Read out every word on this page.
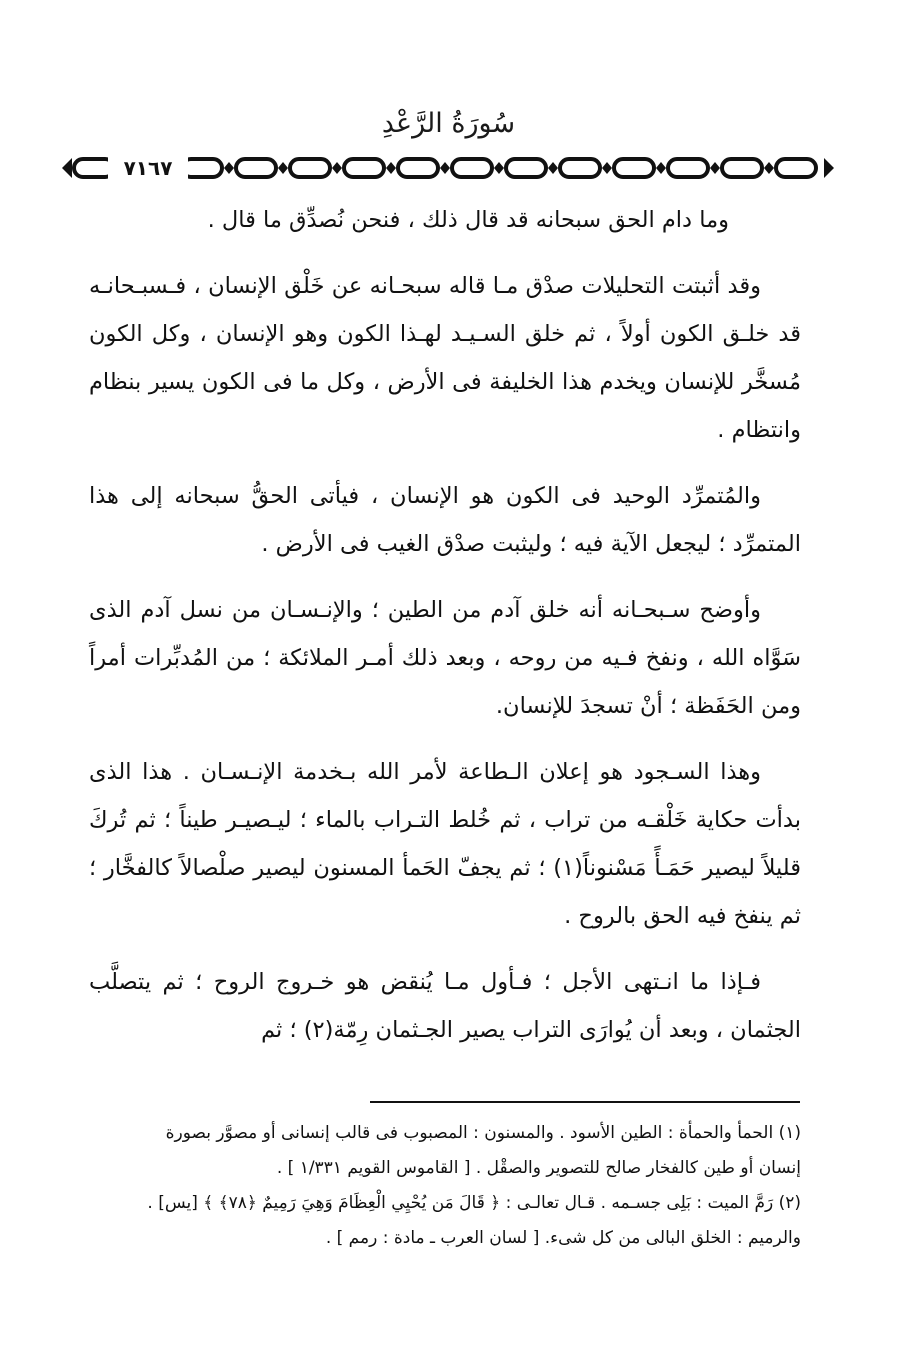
سُورَةُ الرَّعْدِ
٧١٦٧

وما دام الحق سبحانه قد قال ذلك ، فنحن نُصدِّق ما قال .

وقد أثبتت التحليلات صدْق مـا قاله سبحـانه عن خَلْق الإنسان ، فـسبـحانـه قد خلـق الكون أولاً ، ثم خلق السـيـد لهـذا الكون وهو الإنسان ، وكل الكون مُسخَّر للإنسان ويخدم هذا الخليفة فى الأرض ، وكل ما فى الكون يسير بنظام وانتظام .

والمُتمرِّد الوحيد فى الكون هو الإنسان ، فيأتى الحقُّ سبحانه إلى هذا المتمرِّد ؛ ليجعل الآية فيه ؛ وليثبت صدْق الغيب فى الأرض .

وأوضح سـبحـانه أنه خلق آدم من الطين ؛ والإنـسـان من نسل آدم الذى سَوَّاه الله ، ونفخ فـيه من روحه ، وبعد ذلك أمـر الملائكة ؛ من المُدبِّرات أمراً ومن الحَفَظة ؛ أنْ تسجدَ للإنسان.

وهذا السـجود هو إعلان الـطاعة لأمر الله بـخدمة الإنـسـان . هذا الذى بدأت حكاية خَلْقـه من تراب ، ثم خُلط التـراب بالماء ؛ ليـصيـر طيناً ؛ ثم تُركَ قليلاً ليصير حَمَـأً مَسْنوناً(١) ؛ ثم يجفّ الحَمأ المسنون ليصير صلْصالاً كالفخَّار ؛ ثم ينفخ فيه الحق بالروح .

فـإذا ما انـتهى الأجل ؛ فـأول مـا يُنقض هو خـروج الروح ؛ ثم يتصلَّب الجثمان ، وبعد أن يُوارَى التراب يصير الجـثمان رِمّة(٢) ؛ ثم

(١) الحمأ والحمأة : الطين الأسود . والمسنون : المصبوب فى قالب إنسانى أو مصوَّر بصورة

إنسان أو طين كالفخار صالح للتصوير والصقْل . [ القاموس القويم ١/٣٣١ ] .

(٢) رَمَّ الميت : بَلِى جسـمه . قـال تعالـى : ﴿ قَالَ مَن يُحْيِي الْعِظَامَ وَهِيَ رَمِيمٌ ﴿٧٨﴾ ﴾ [يس] .

والرميم : الخلق البالى من كل شىء. [ لسان العرب ـ مادة : رمم ] .
